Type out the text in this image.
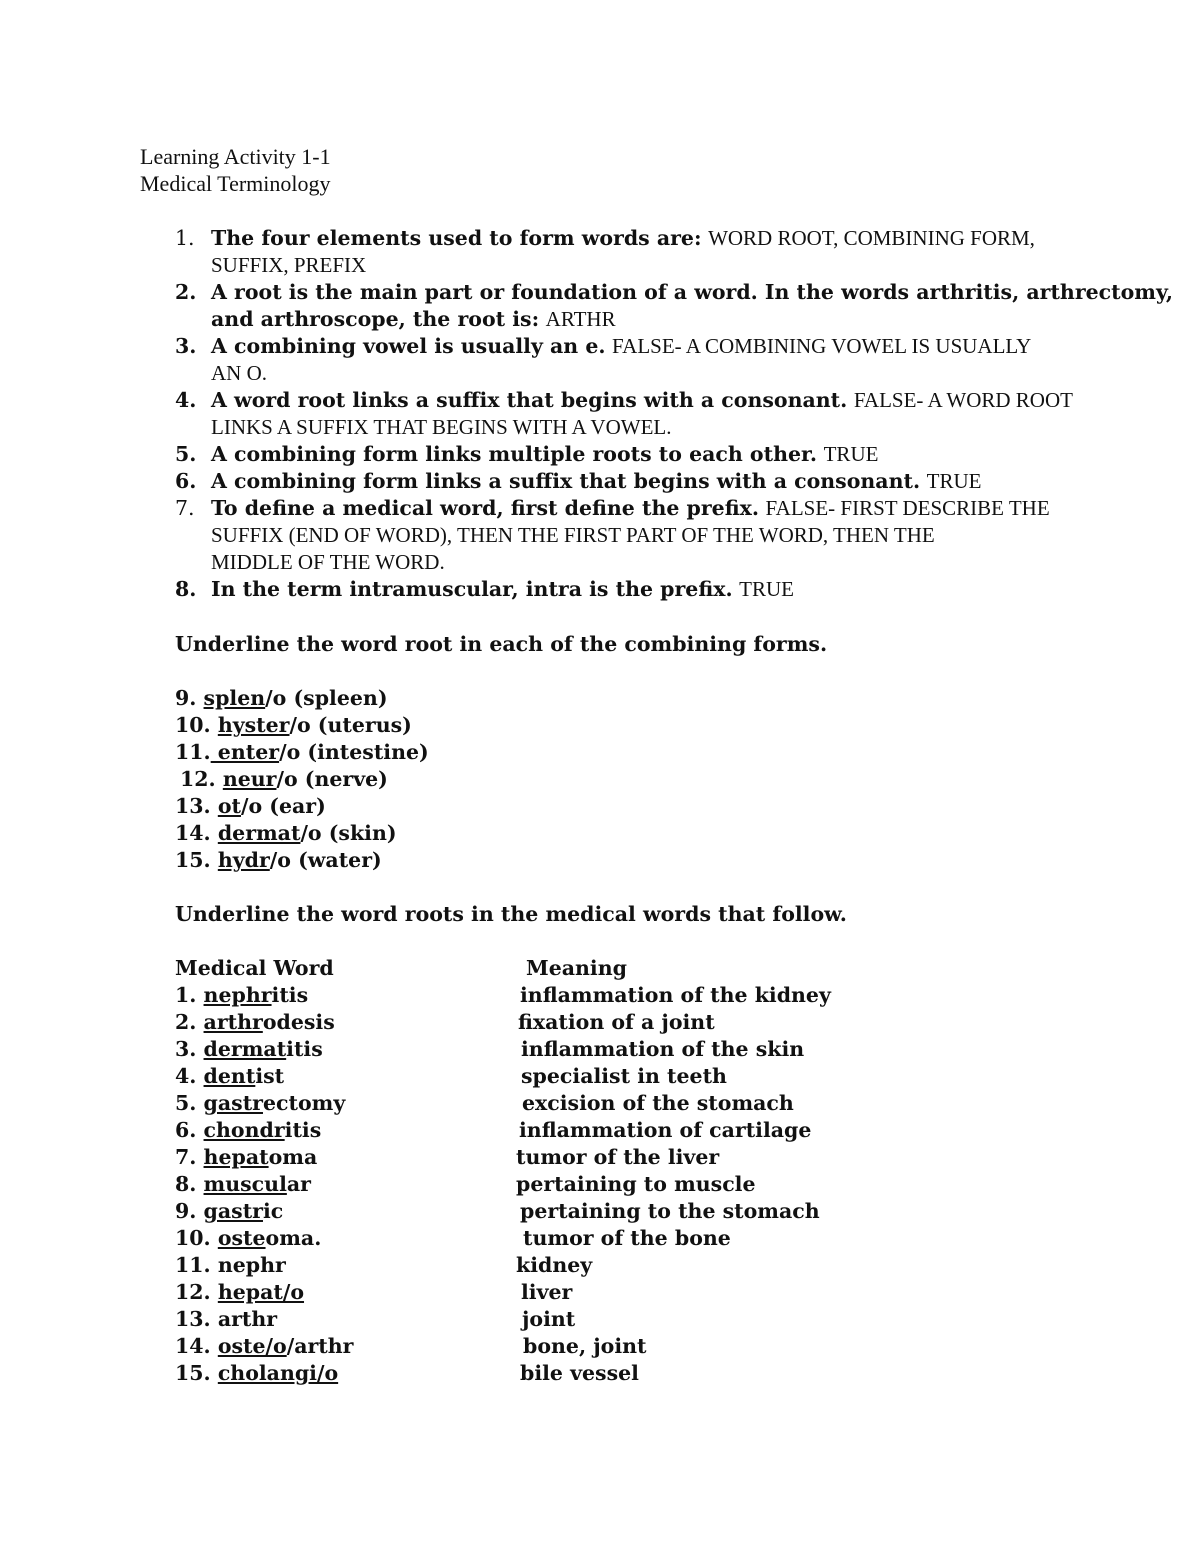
Learning Activity 1-1
Medical Terminology
1. The four elements used to form words are: WORD ROOT, COMBINING FORM,
SUFFIX, PREFIX
2. A root is the main part or foundation of a word. In the words arthritis, arthrectomy,
and arthroscope, the root is: ARTHR
3. A combining vowel is usually an e. FALSE- A COMBINING VOWEL IS USUALLY
AN O.
4. A word root links a suffix that begins with a consonant. FALSE- A WORD ROOT
LINKS A SUFFIX THAT BEGINS WITH A VOWEL.
5. A combining form links multiple roots to each other. TRUE
6. A combining form links a suffix that begins with a consonant. TRUE
7. To define a medical word, first define the prefix. FALSE- FIRST DESCRIBE THE
SUFFIX (END OF WORD), THEN THE FIRST PART OF THE WORD, THEN THE
MIDDLE OF THE WORD.
8. In the term intramuscular, intra is the prefix. TRUE
Underline the word root in each of the combining forms.
9. splen/o (spleen)
10. hyster/o (uterus)
11. enter/o (intestine)
12. neur/o (nerve)
13. ot/o (ear)
14. dermat/o (skin)
15. hydr/o (water)
Underline the word roots in the medical words that follow.
Medical Word	Meaning
1. nephritis	inflammation of the kidney
2. arthrodesis	fixation of a joint
3. dermatitis	inflammation of the skin
4. dentist	specialist in teeth
5. gastrectomy	excision of the stomach
6. chondritis	inflammation of cartilage
7. hepatoma	tumor of the liver
8. muscular	pertaining to muscle
9. gastric	pertaining to the stomach
10. osteoma.	tumor of the bone
11. nephr	kidney
12. hepat/o	liver
13. arthr	joint
14. oste/o/arthr	bone, joint
15. cholangi/o	bile vessel
